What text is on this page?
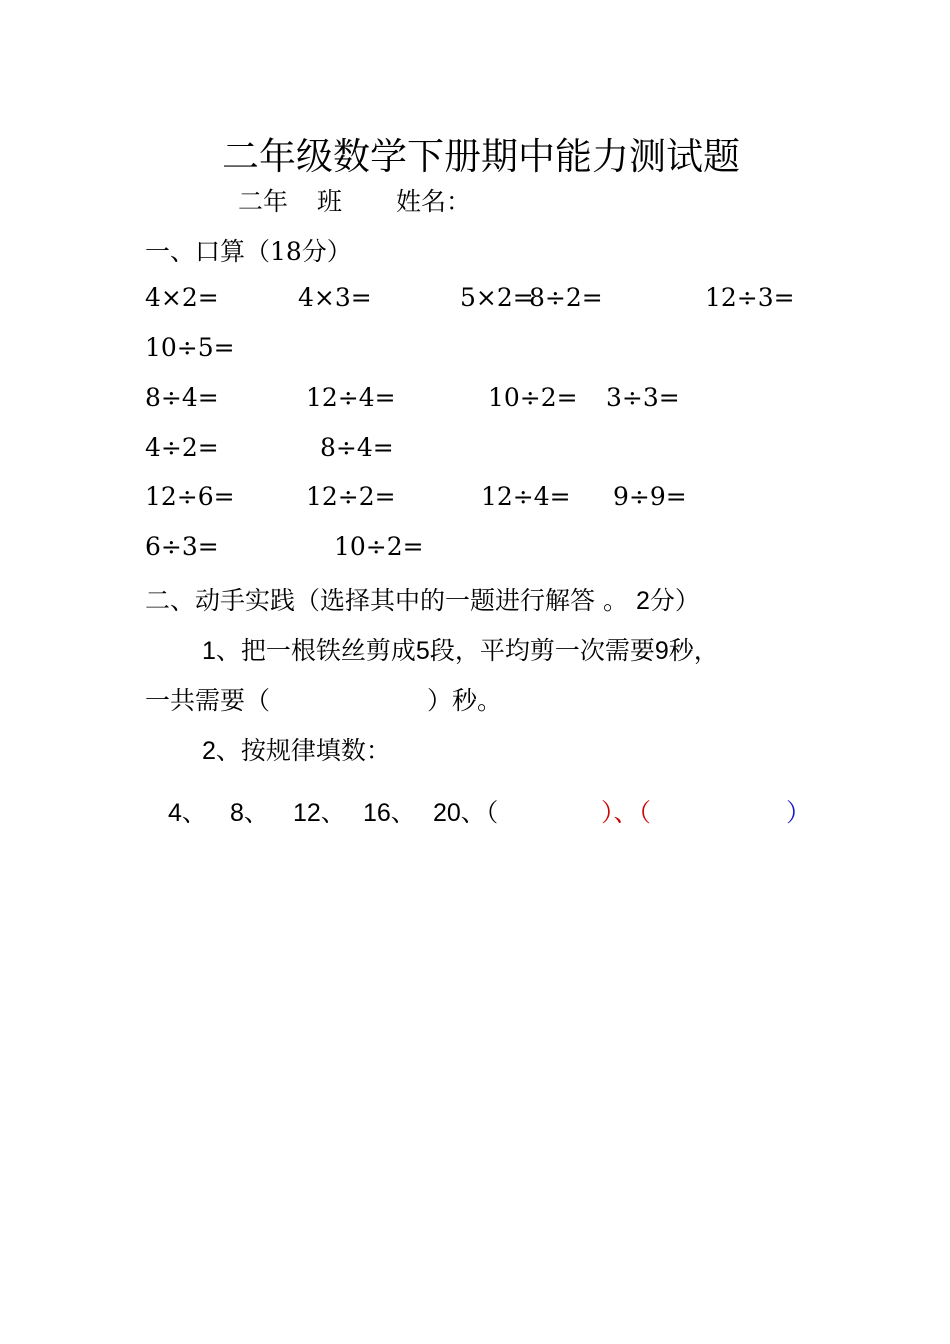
二年级数学下册期中能力测试题
二年 班 姓名：
一、口算（18分）
4×2=	4×3=	5×2=
8÷2=	12÷3=
10÷5=
8÷4=	12÷4=	10÷2= 3÷3=
4÷2=	8÷4=
12÷6=	12÷2=	12÷4= 9÷9=
6÷3=	10÷2=
二、动手实践（选择其中的一题进行解答 。 2分）
1、把一根铁丝剪成5段，平均剪一次需要9秒，
一共需要（	）秒。
2、按规律填数：
4、 8、 12、 16、 20、（	）、（	）
